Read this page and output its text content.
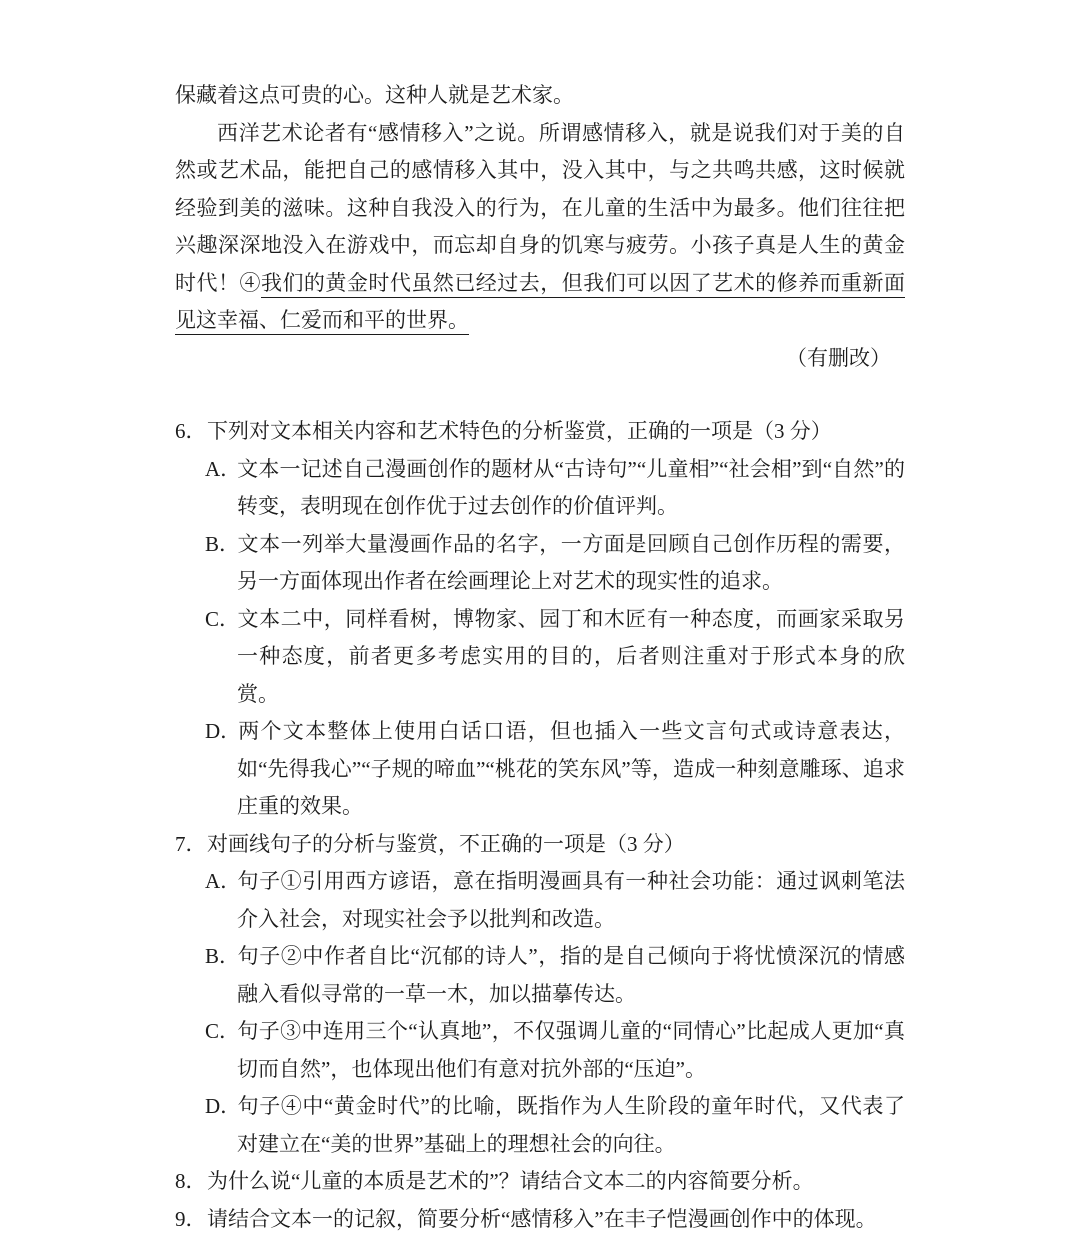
保藏着这点可贵的心。这种人就是艺术家。

西洋艺术论者有“感情移入”之说。所谓感情移入，就是说我们对于美的自然或艺术品，能把自己的感情移入其中，没入其中，与之共鸣共感，这时候就经验到美的滋味。这种自我没入的行为，在儿童的生活中为最多。他们往往把兴趣深深地没入在游戏中，而忘却自身的饥寒与疲劳。小孩子真是人生的黄金时代！④我们的黄金时代虽然已经过去，但我们可以因了艺术的修养而重新面见这幸福、仁爱而和平的世界。

（有删改）

6．下列对文本相关内容和艺术特色的分析鉴赏，正确的一项是（3 分）

A．文本一记述自己漫画创作的题材从“古诗句”“儿童相”“社会相”到“自然”的转变，表明现在创作优于过去创作的价值评判。

B．文本一列举大量漫画作品的名字，一方面是回顾自己创作历程的需要，另一方面体现出作者在绘画理论上对艺术的现实性的追求。

C．文本二中，同样看树，博物家、园丁和木匠有一种态度，而画家采取另一种态度，前者更多考虑实用的目的，后者则注重对于形式本身的欣赏。

D．两个文本整体上使用白话口语，但也插入一些文言句式或诗意表达，如“先得我心”“子规的啼血”“桃花的笑东风”等，造成一种刻意雕琢、追求庄重的效果。

7．对画线句子的分析与鉴赏，不正确的一项是（3 分）

A．句子①引用西方谚语，意在指明漫画具有一种社会功能：通过讽刺笔法介入社会，对现实社会予以批判和改造。

B．句子②中作者自比“沉郁的诗人”，指的是自己倾向于将忧愤深沉的情感融入看似寻常的一草一木，加以描摹传达。

C．句子③中连用三个“认真地”，不仅强调儿童的“同情心”比起成人更加“真切而自然”，也体现出他们有意对抗外部的“压迫”。

D．句子④中“黄金时代”的比喻，既指作为人生阶段的童年时代，又代表了对建立在“美的世界”基础上的理想社会的向往。

8．为什么说“儿童的本质是艺术的”？请结合文本二的内容简要分析。

9．请结合文本一的记叙，简要分析“感情移入”在丰子恺漫画创作中的体现。
